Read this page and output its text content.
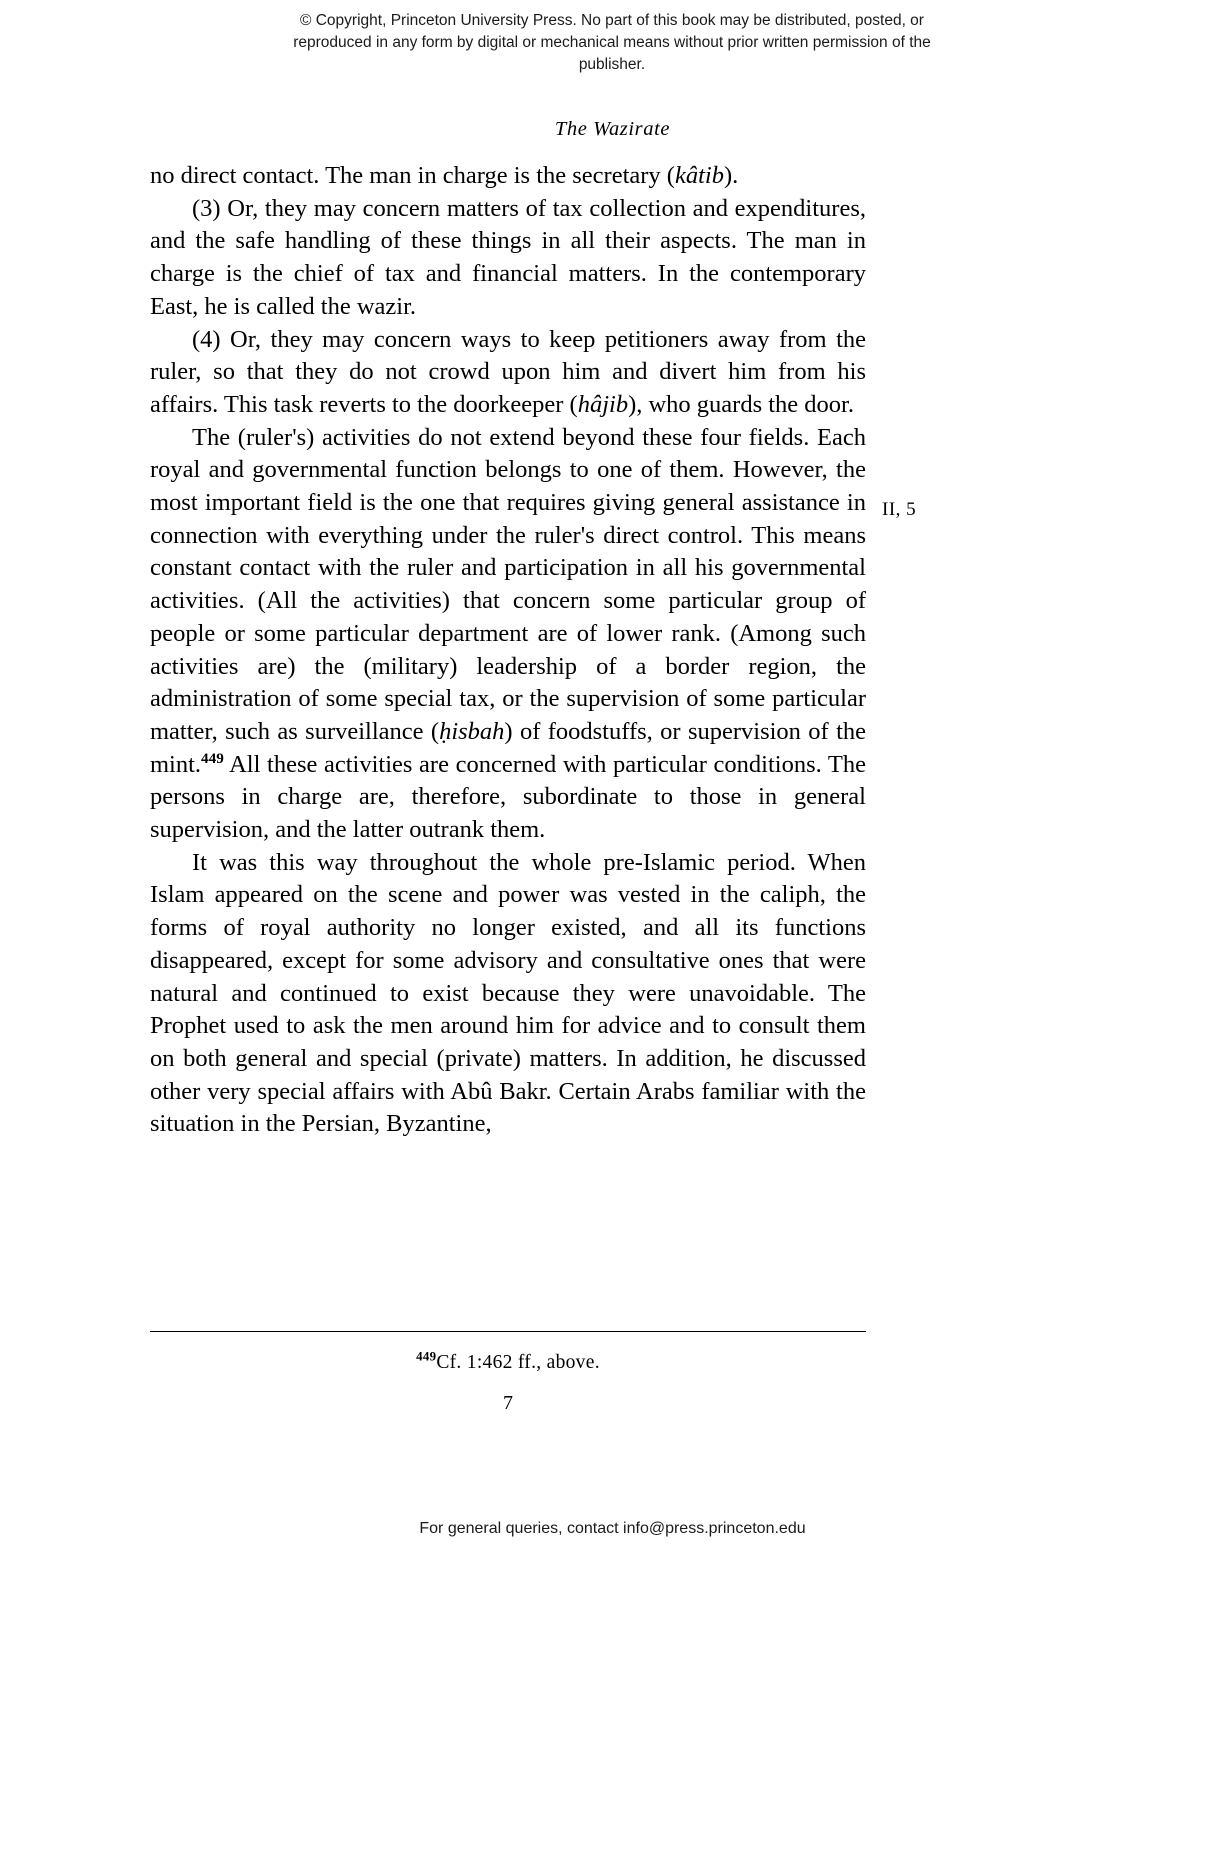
© Copyright, Princeton University Press. No part of this book may be distributed, posted, or reproduced in any form by digital or mechanical means without prior written permission of the publisher.
The Wazirate

no direct contact. The man in charge is the secretary (kâtib).

(3) Or, they may concern matters of tax collection and expenditures, and the safe handling of these things in all their aspects. The man in charge is the chief of tax and financial matters. In the contemporary East, he is called the wazir.

(4) Or, they may concern ways to keep petitioners away from the ruler, so that they do not crowd upon him and divert him from his affairs. This task reverts to the doorkeeper (hâjib), who guards the door.

The (ruler's) activities do not extend beyond these four fields. Each royal and governmental function belongs to one of them. However, the most important field is the one that requires giving general assistance in connection with everything under the ruler's direct control. This means constant contact with the ruler and participation in all his governmental activities. (All the activities) that concern some particular group of people or some particular department are of lower rank. (Among such activities are) the (military) leadership of a border region, the administration of some special tax, or the supervision of some particular matter, such as surveillance (ḥisbah) of foodstuffs, or supervision of the mint.$^{449}$ All these activities are concerned with particular conditions. The persons in charge are, therefore, subordinate to those in general supervision, and the latter outrank them.

It was this way throughout the whole pre-Islamic period. When Islam appeared on the scene and power was vested in the caliph, the forms of royal authority no longer existed, and all its functions disappeared, except for some advisory and consultative ones that were natural and continued to exist because they were unavoidable. The Prophet used to ask the men around him for advice and to consult them on both general and special (private) matters. In addition, he discussed other very special affairs with Abû Bakr. Certain Arabs familiar with the situation in the Persian, Byzantine,

II, 5
$^{449}$Cf. 1:462 ff., above.
7
For general queries, contact info@press.princeton.edu
